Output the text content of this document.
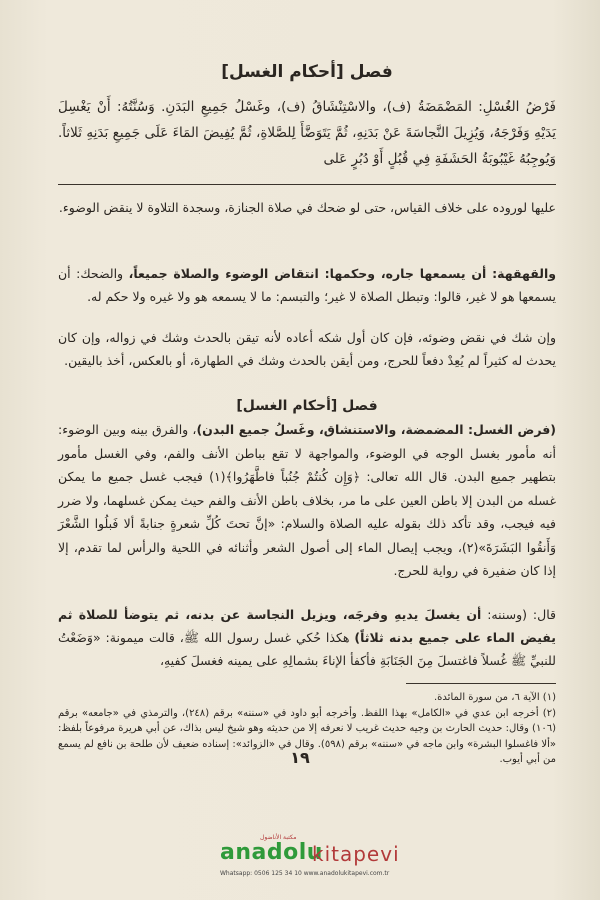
فصل [أحكام الغسل]
فَرْضُ الغُسْلِ: المَضْمَضَةُ (ف)، والاسْتِنْشَاقُ (ف)، وغَسْلُ جَمِيعِ البَدَنِ. وَسُنَّتُهُ: أَنْ يَغْسِلَ يَدَيْهِ وَفَرْجَهُ، وَيُزِيلَ النَّجاسَةَ عَنْ بَدَنِهِ، ثُمَّ يَتَوَضَّأَ لِلصَّلاةِ، ثُمَّ يُفِيضَ المَاءَ عَلَى جَمِيعِ بَدَنِهِ ثَلاثاً. وَيُوجِبُهُ غَيْبُوبَةُ الحَشَفَةِ فِي قُبُلٍ أَوْ دُبُرٍ عَلى
عليها لوروده على خلاف القياس، حتى لو ضحك في صلاة الجنازة، وسجدة التلاوة لا ينقض الوضوء.
والقهقهة: أن يسمعها جاره، وحكمها: انتقاض الوضوء والصلاة جميعاً، والضحك: أن يسمعها هو لا غير، قالوا: وتبطل الصلاة لا غير؛ والتبسم: ما لا يسمعه هو ولا غيره ولا حكم له.
وإن شك في نقض وضوئه، فإن كان أول شكه أعاده لأنه تيقن بالحدث وشك في زواله، وإن كان يحدث له كثيراً لم يُعِدْ دفعاً للحرج، ومن أيقن بالحدث وشك في الطهارة، أو بالعكس، أخذ باليقين.
فصل [أحكام الغسل]
(فرض الغسل: المضمضة، والاستنشاق، وغَسلُ جميع البدن)، والفرق بينه وبين الوضوء: أنه مأمور بغسل الوجه في الوضوء، والمواجهة لا تقع بباطن الأنف والفم، وفي الغسل مأمور بتطهير جميع البدن. قال الله تعالى: ﴿وَإِن كُنتُمْ جُنُباً فاطَّهَرُوا﴾(١) فيجب غسل جميع ما يمكن غسله من البدن إلا باطن العين على ما مر، بخلاف باطن الأنف والفم حيث يمكن غسلهما، ولا ضرر فيه فيجب، وقد تأكد ذلك بقوله عليه الصلاة والسلام: «إنَّ تحتَ كُلِّ شعرةٍ جنابةً ألا فَبلُوا الشَّعْرَ وَأَنقُوا البَشَرَةَ»(٢)، ويجب إيصال الماء إلى أصول الشعر وأثنائه في اللحية والرأس لما تقدم، إلا إذا كان ضفيرة في رواية للحرج.
قال: (وسننه: أن يغسلَ يديهِ وفرجَه، ويزيل النجاسة عن بدنه، ثم يتوضأ للصلاة ثم يفيض الماء على جميع بدنه ثلاثاً) هكذا حُكي غسل رسول الله ﷺ، قالت ميمونة: «وَضَعْتُ للنبيِّ ﷺ غُسلاً فاغتسلَ مِنَ الجَنَابَةِ فأكفأ الإناءَ بشمالِهِ على يمينه فغسلَ كفيهِ،
(١) الآية ٦، من سورة المائدة.
(٢) أخرجه ابن عدي في «الكامل» بهذا اللفظ. وأخرجه أبو داود في «سننه» برقم (٢٤٨)، والترمذي في «جامعه» برقم (١٠٦) وقال: حديث الحارث بن وجيه حديث غريب لا نعرفه إلا من حديثه وهو شيخ ليس بذاك، عن أبي هريرة مرفوعاً بلفظ: «ألا فاغسلوا البشرة» وابن ماجه في «سننه» برقم (٥٩٨). وقال في «الزوائد»: إسناده ضعيف لأن طلحة بن نافع لم يسمع من أبي أيوب.
١٩
مكتبة الأناضول
anadolu
kitapevi
Whatsapp: 0506 125 34 10 www.anadolukitapevi.com.tr
